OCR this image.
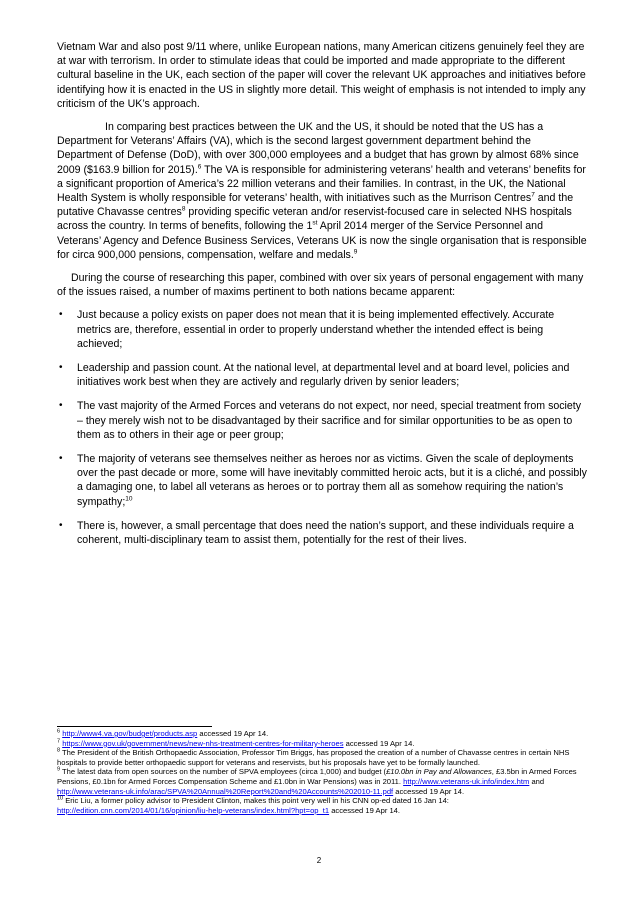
Vietnam War and also post 9/11 where, unlike European nations, many American citizens genuinely feel they are at war with terrorism. In order to stimulate ideas that could be imported and made appropriate to the different cultural baseline in the UK, each section of the paper will cover the relevant UK approaches and initiatives before identifying how it is enacted in the US in slightly more detail. This weight of emphasis is not intended to imply any criticism of the UK’s approach.

In comparing best practices between the UK and the US, it should be noted that the US has a Department for Veterans’ Affairs (VA), which is the second largest government department behind the Department of Defense (DoD), with over 300,000 employees and a budget that has grown by almost 68% since 2009 ($163.9 billion for 2015).$^6$ The VA is responsible for administering veterans’ health and veterans’ benefits for a significant proportion of America’s 22 million veterans and their families. In contrast, in the UK, the National Health System is wholly responsible for veterans’ health, with initiatives such as the Murrison Centres$^7$ and the putative Chavasse centres$^8$ providing specific veteran and/or reservist-focused care in selected NHS hospitals across the country. In terms of benefits, following the 1st April 2014 merger of the Service Personnel and Veterans’ Agency and Defence Business Services, Veterans UK is now the single organisation that is responsible for circa 900,000 pensions, compensation, welfare and medals.$^9$

During the course of researching this paper, combined with over six years of personal engagement with many of the issues raised, a number of maxims pertinent to both nations became apparent:

• Just because a policy exists on paper does not mean that it is being implemented effectively. Accurate metrics are, therefore, essential in order to properly understand whether the intended effect is being achieved;
• Leadership and passion count. At the national level, at departmental level and at board level, policies and initiatives work best when they are actively and regularly driven by senior leaders;
• The vast majority of the Armed Forces and veterans do not expect, nor need, special treatment from society – they merely wish not to be disadvantaged by their sacrifice and for similar opportunities to be as open to them as to others in their age or peer group;
• The majority of veterans see themselves neither as heroes nor as victims. Given the scale of deployments over the past decade or more, some will have inevitably committed heroic acts, but it is a cliché, and possibly a damaging one, to label all veterans as heroes or to portray them all as somehow requiring the nation’s sympathy;$^{10}$
• There is, however, a small percentage that does need the nation’s support, and these individuals require a coherent, multi-disciplinary team to assist them, potentially for the rest of their lives.

$^6$ http://www4.va.gov/budget/products.asp accessed 19 Apr 14.

$^7$ https://www.gov.uk/government/news/new-nhs-treatment-centres-for-military-heroes accessed 19 Apr 14.

$^8$ The President of the British Orthopaedic Association, Professor Tim Briggs, has proposed the creation of a number of Chavasse centres in certain NHS hospitals to provide better orthopaedic support for veterans and reservists, but his proposals have yet to be formally launched.

$^9$ The latest data from open sources on the number of SPVA employees (circa 1,000) and budget (£10.0bn in Pay and Allowances, £3.5bn in Armed Forces Pensions, £0.1bn for Armed Forces Compensation Scheme and £1.0bn in War Pensions) was in 2011. http://www.veterans-uk.info/index.htm and http://www.veterans-uk.info/arac/SPVA%20Annual%20Report%20and%20Accounts%202010-11.pdf accessed 19 Apr 14.

$^{10}$ Eric Liu, a former policy advisor to President Clinton, makes this point very well in his CNN op-ed dated 16 Jan 14: http://edition.cnn.com/2014/01/16/opinion/liu-help-veterans/index.html?hpt=op_t1 accessed 19 Apr 14.

2
